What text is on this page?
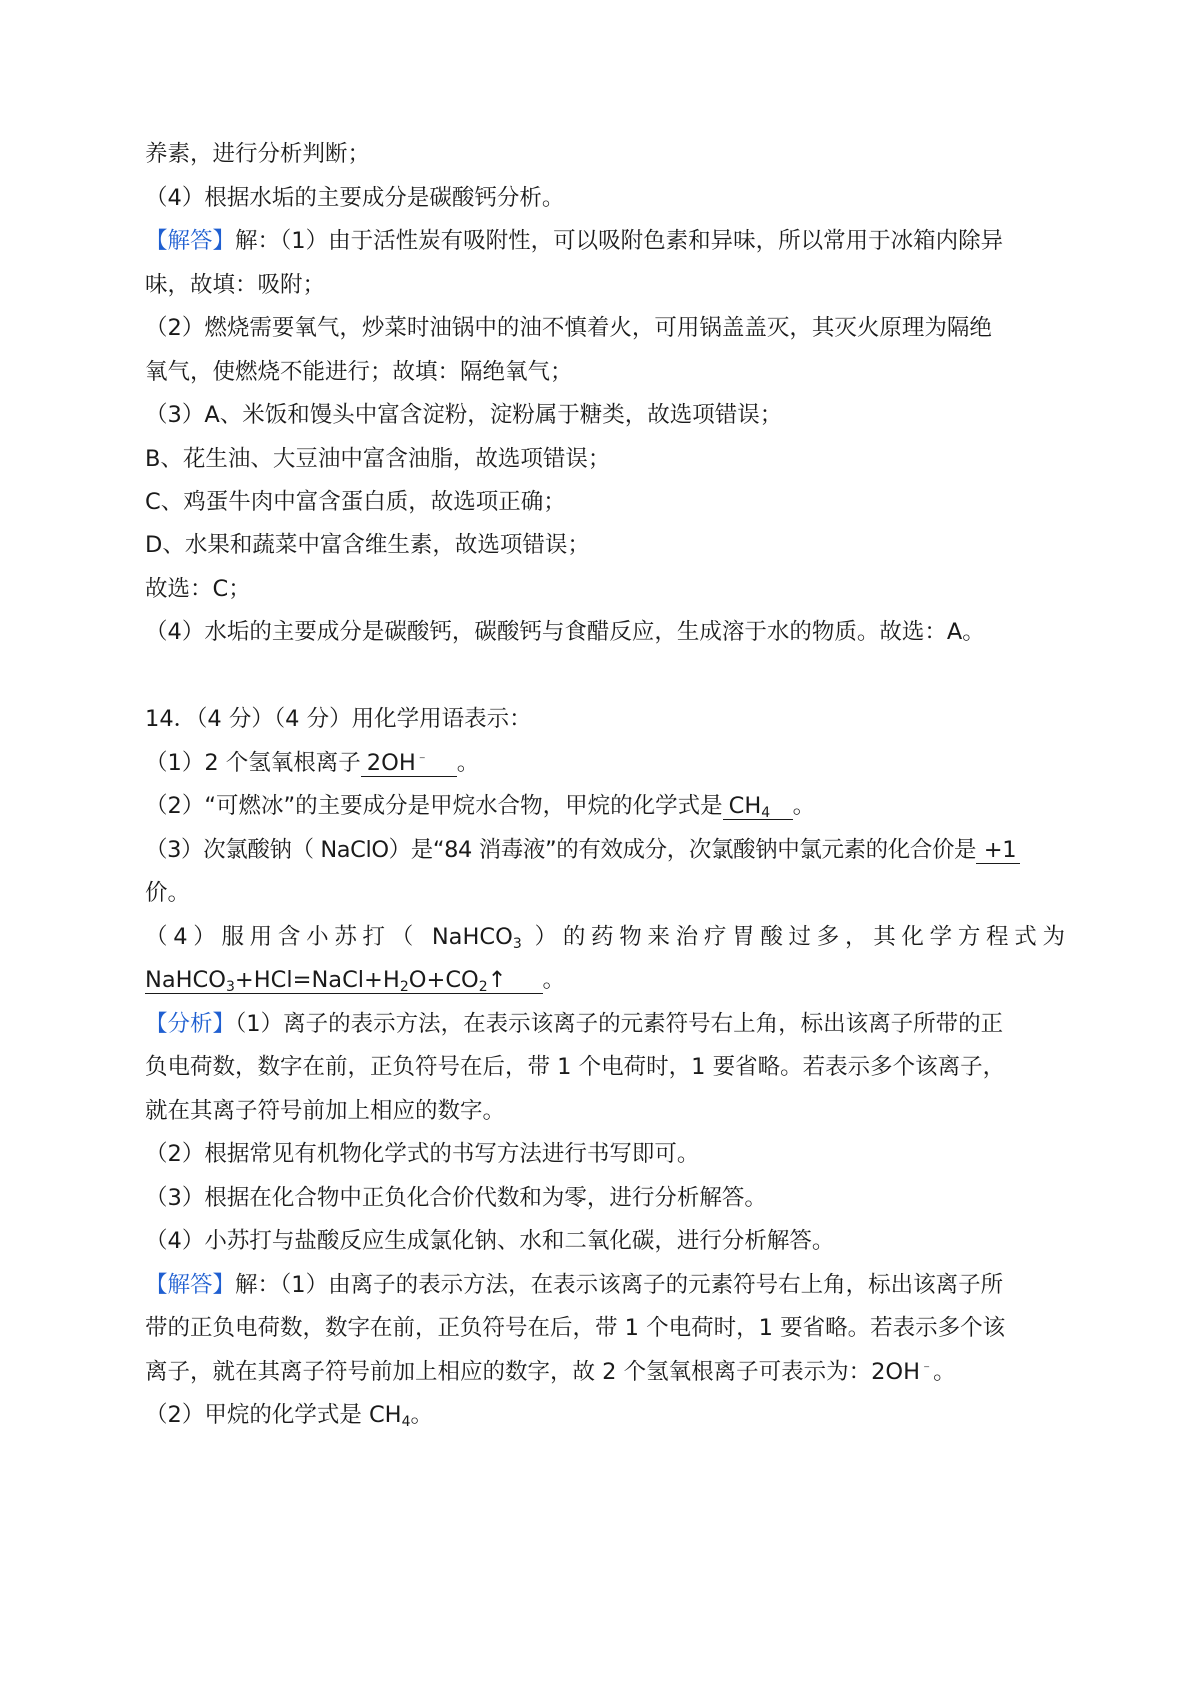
养素，进行分析判断；
（4）根据水垢的主要成分是碳酸钙分析。
【解答】解：（1）由于活性炭有吸附性，可以吸附色素和异味，所以常用于冰箱内除异
味，故填：吸附；
（2）燃烧需要氧气，炒菜时油锅中的油不慎着火，可用锅盖盖灭，其灭火原理为隔绝
氧气，使燃烧不能进行；故填：隔绝氧气；
（3）A、米饭和馒头中富含淀粉，淀粉属于糖类，故选项错误；
B、花生油、大豆油中富含油脂，故选项错误；
C、鸡蛋牛肉中富含蛋白质，故选项正确；
D、水果和蔬菜中富含维生素，故选项错误；
故选：C；
（4）水垢的主要成分是碳酸钙，碳酸钙与食醋反应，生成溶于水的物质。故选：A。
14．（4 分）（4 分）用化学用语表示：
（1）2 个氢氧根离子 2OH﹣ 。
（2）“可燃冰”的主要成分是甲烷水合物，甲烷的化学式是 $CH_4$ 。
（3）次氯酸钠（ NaClO）是“84 消毒液”的有效成分，次氯酸钠中氯元素的化合价是 +1
价。
（4）服用含小苏打（ NaHCO$_3$ ）的药物来治疗胃酸过多，其化学方程式为
$NaHCO_3+HCl=NaCl+H_2O+CO_2↑$ 。
【分析】（1）离子的表示方法，在表示该离子的元素符号右上角，标出该离子所带的正
负电荷数，数字在前，正负符号在后，带 1 个电荷时，1 要省略。若表示多个该离子，
就在其离子符号前加上相应的数字。
（2）根据常见有机物化学式的书写方法进行书写即可。
（3）根据在化合物中正负化合价代数和为零，进行分析解答。
（4）小苏打与盐酸反应生成氯化钠、水和二氧化碳，进行分析解答。
【解答】解：（1）由离子的表示方法，在表示该离子的元素符号右上角，标出该离子所
带的正负电荷数，数字在前，正负符号在后，带 1 个电荷时，1 要省略。若表示多个该
离子，就在其离子符号前加上相应的数字，故 2 个氢氧根离子可表示为：2OH﹣。
（2）甲烷的化学式是 $CH_4$。
